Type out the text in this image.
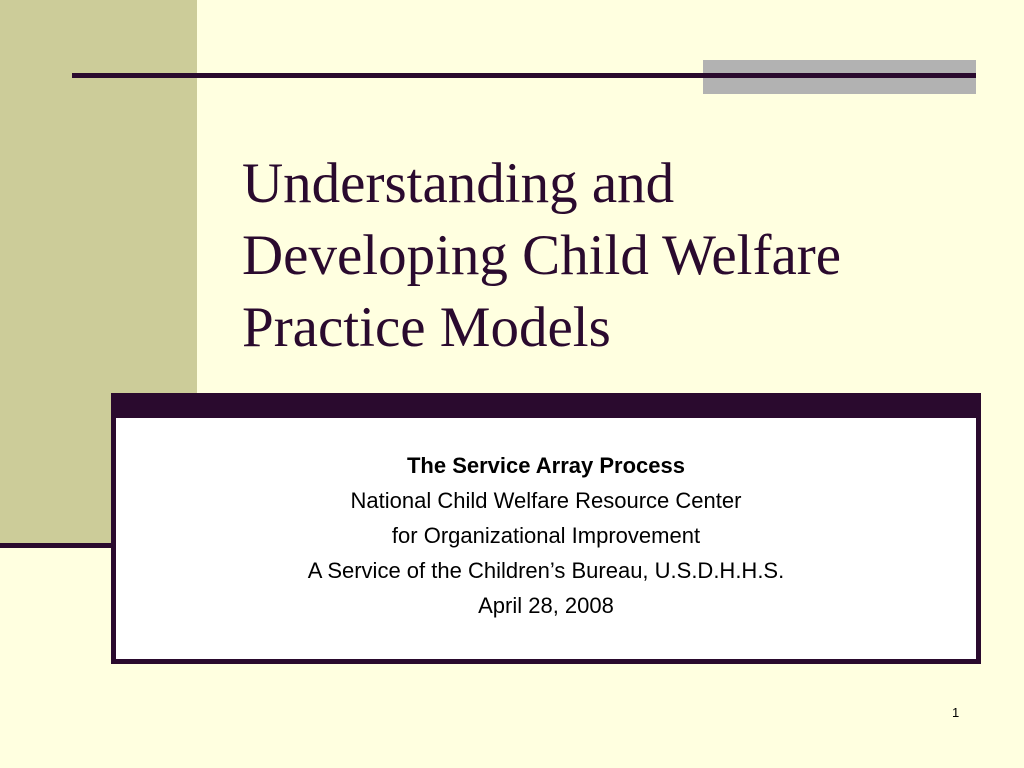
Understanding and
Developing Child Welfare
Practice Models
The Service Array Process
National Child Welfare Resource Center
for Organizational Improvement
A Service of the Children’s Bureau, U.S.D.H.H.S.
April 28, 2008
1
